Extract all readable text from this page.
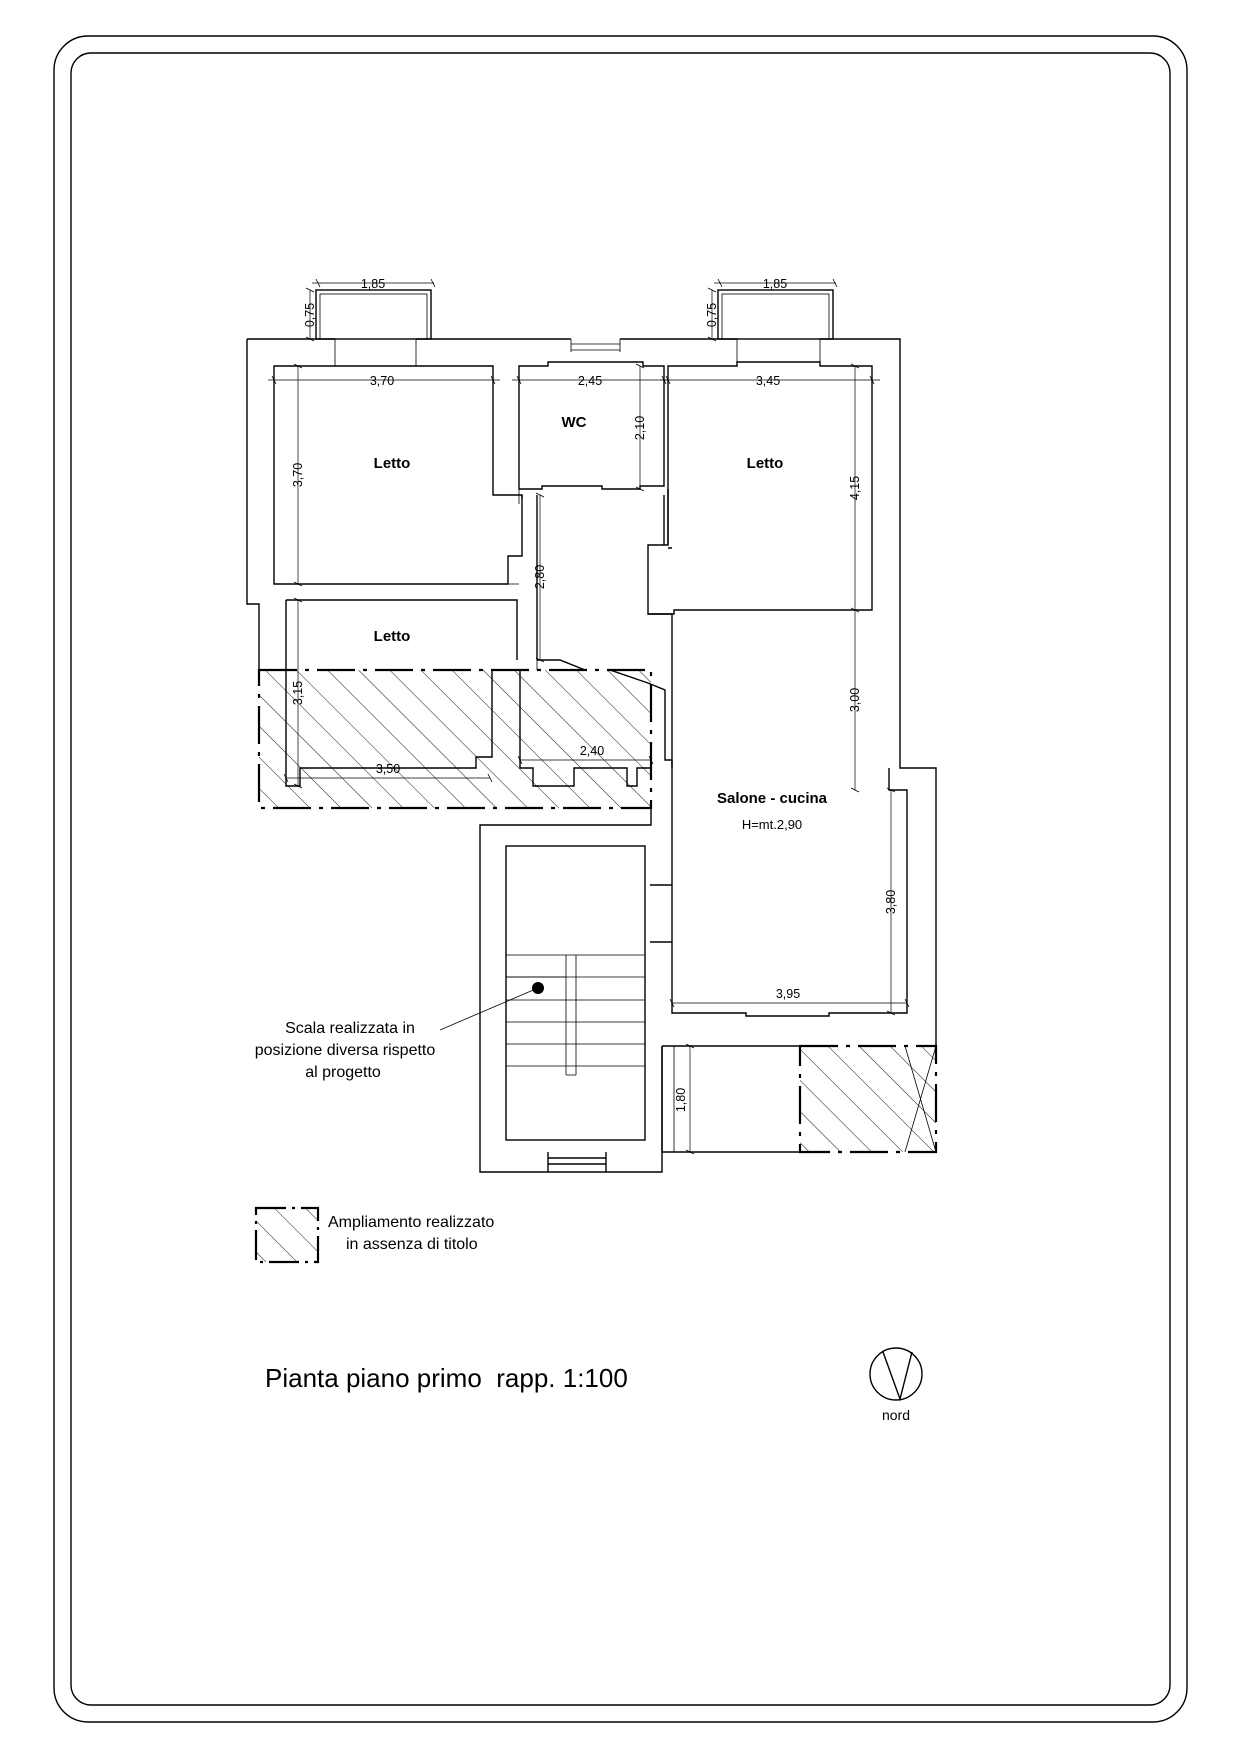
Letto
WC
Letto
Letto
Salone - cucina
H=mt.2,90
1,85	1,85
0,75	0,75
3,70	2,45	3,45
3,70
2,10
4,15
2,80
3,15
3,50
2,40
3,00
3,80
3,95
1,80
Scala realizzata in
posizione diversa rispetto
al progetto
Ampliamento realizzato
in assenza di titolo
Pianta piano primo  rapp. 1:100
nord
